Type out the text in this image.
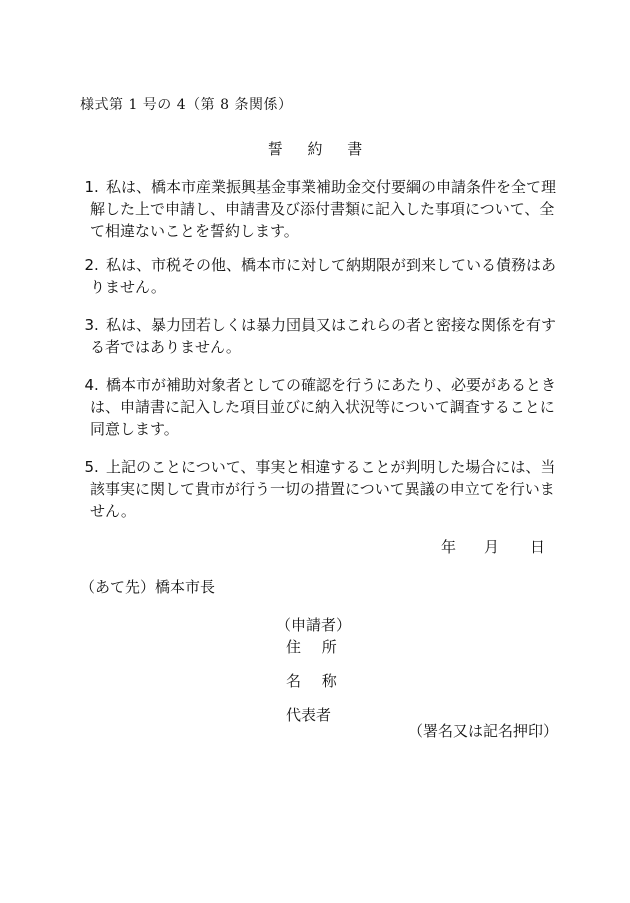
様式第 1 号の 4（第 8 条関係）
誓 約 書
1 . 私は、橋本市産業振興基金事業補助金交付要綱の申請条件を全て理
解した上で申請し、申請書及び添付書類に記入した事項について、全
て相違ないことを誓約します。
2 . 私は、市税その他、橋本市に対して納期限が到来している債務はあ
りません。
3 . 私は、暴力団若しくは暴力団員又はこれらの者と密接な関係を有す
る者ではありません。
4 . 橋本市が補助対象者としての確認を行うにあたり、必要があるとき
は、申請書に記入した項目並びに納入状況等について調査することに
同意します。
5 . 上記のことについて、事実と相違することが判明した場合には、当
該事実に関して貴市が行う一切の措置について異議の申立てを行いま
せん。
年 月 日
（あて先）橋本市長
（申請者）
住 所
名 称
代表者
（署名又は記名押印）
